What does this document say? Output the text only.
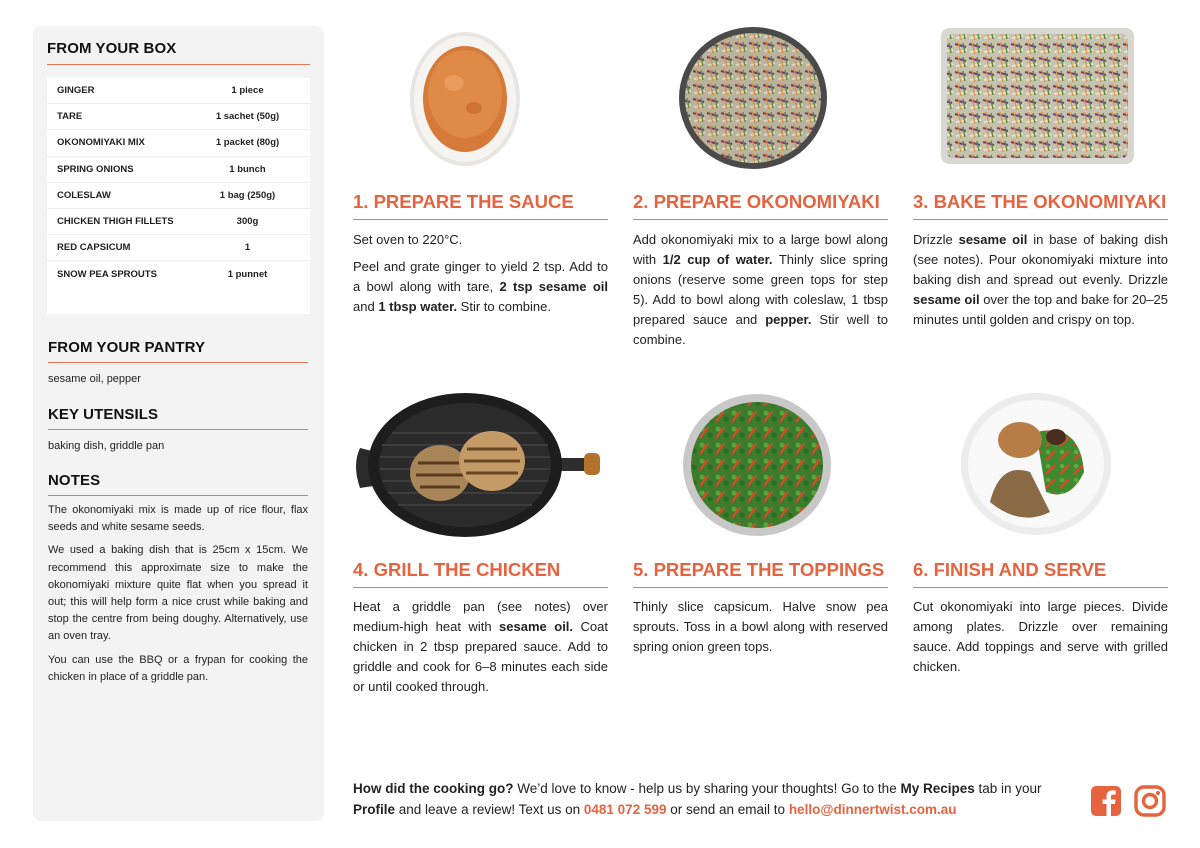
FROM YOUR BOX
GINGER	1 piece
TARE	1 sachet (50g)
OKONOMIYAKI MIX	1 packet (80g)
SPRING ONIONS	1 bunch
COLESLAW	1 bag (250g)
CHICKEN THIGH FILLETS	300g
RED CAPSICUM	1
SNOW PEA SPROUTS	1 punnet
FROM YOUR PANTRY

sesame oil, pepper

KEY UTENSILS

baking dish, griddle pan

NOTES

The okonomiyaki mix is made up of rice flour, flax seeds and white sesame seeds.

We used a baking dish that is 25cm x 15cm. We recommend this approximate size to make the okonomiyaki mixture quite flat when you spread it out; this will help form a nice crust while baking and stop the centre from being doughy. Alternatively, use an oven tray.

You can use the BBQ or a frypan for cooking the chicken in place of a griddle pan.

1. PREPARE THE SAUCE

Set oven to 220°C.

Peel and grate ginger to yield 2 tsp. Add to a bowl along with tare, 2 tsp sesame oil and 1 tbsp water. Stir to combine.

2. PREPARE OKONOMIYAKI

Add okonomiyaki mix to a large bowl along with 1/2 cup of water. Thinly slice spring onions (reserve some green tops for step 5). Add to bowl along with coleslaw, 1 tbsp prepared sauce and pepper. Stir well to combine.

3. BAKE THE OKONOMIYAKI

Drizzle sesame oil in base of baking dish (see notes). Pour okonomiyaki mixture into baking dish and spread out evenly. Drizzle sesame oil over the top and bake for 20–25 minutes until golden and crispy on top.

4. GRILL THE CHICKEN

Heat a griddle pan (see notes) over medium-high heat with sesame oil. Coat chicken in 2 tbsp prepared sauce. Add to griddle and cook for 6–8 minutes each side or until cooked through.

5. PREPARE THE TOPPINGS

Thinly slice capsicum. Halve snow pea sprouts. Toss in a bowl along with reserved spring onion green tops.

6. FINISH AND SERVE

Cut okonomiyaki into large pieces. Divide among plates. Drizzle over remaining sauce. Add toppings and serve with grilled chicken.

How did the cooking go? We’d love to know - help us by sharing your thoughts! Go to the My Recipes tab in your Profile and leave a review! Text us on 0481 072 599 or send an email to hello@dinnertwist.com.au
